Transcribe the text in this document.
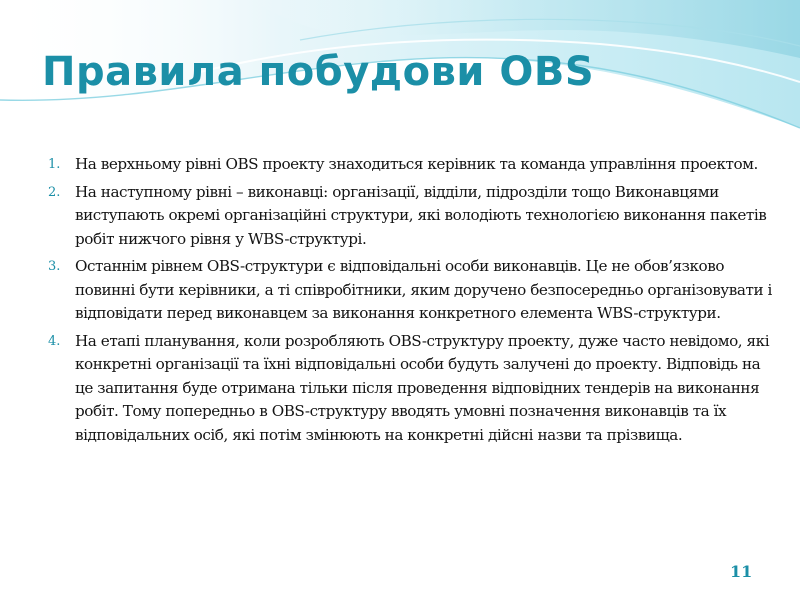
Правила побудови OBS
1. На верхньому рівні OBS проекту знаходиться керівник та команда управління проектом.
2. На наступному рівні – виконавці: організації, відділи, підрозділи тощо Виконавцями виступають окремі організаційні структури, які володіють технологією виконання пакетів робіт нижчого рівня у WBS-структурі.
3. Останнім рівнем OBS-структури є відповідальні особи виконавців. Це не обов’язково повинні бути керівники, а ті співробітники, яким доручено безпосередньо організовувати і відповідати перед виконавцем за виконання конкретного елемента WBS-структури.
4. На етапі планування, коли розробляють OBS-структуру проекту, дуже часто невідомо, які конкретні організації та їхні відповідальні особи будуть залучені до проекту. Відповідь на це запитання буде отримана тільки після проведення відповідних тендерів на виконання робіт. Тому попередньо в OBS-структуру вводять умовні позначення виконавців та їх відповідальних осіб, які потім змінюють на конкретні дійсні назви та прізвища.
11
